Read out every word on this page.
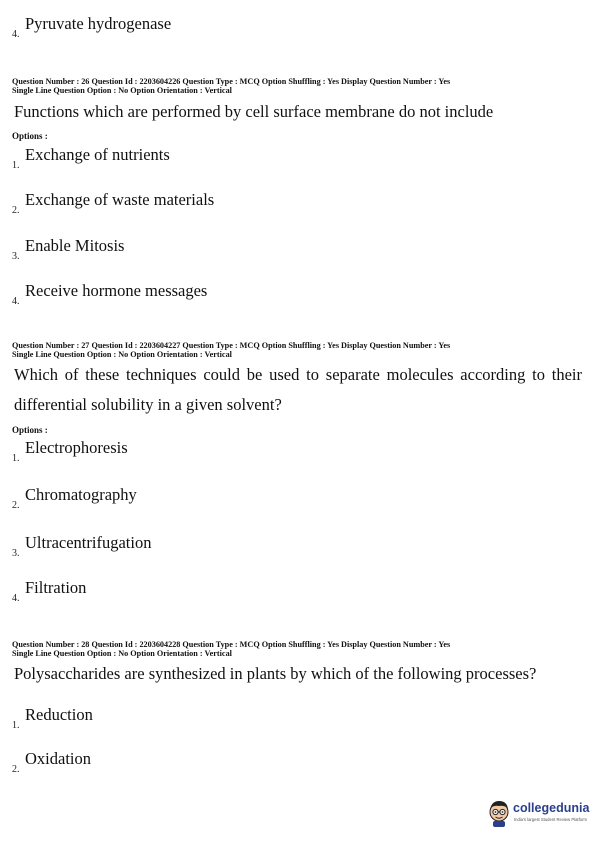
4.
Pyruvate hydrogenase
Question Number : 26 Question Id : 2203604226 Question Type : MCQ Option Shuffling : Yes Display Question Number : Yes
Single Line Question Option : No Option Orientation : Vertical
Functions which are performed by cell surface membrane do not include
Options :
1.
Exchange of nutrients
2.
Exchange of waste materials
3.
Enable Mitosis
4.
Receive hormone messages
Question Number : 27 Question Id : 2203604227 Question Type : MCQ Option Shuffling : Yes Display Question Number : Yes
Single Line Question Option : No Option Orientation : Vertical
Which of these techniques could be used to separate molecules according to their differential solubility in a given solvent?
Options :
1.
Electrophoresis
2.
Chromatography
3.
Ultracentrifugation
4.
Filtration
Question Number : 28 Question Id : 2203604228 Question Type : MCQ Option Shuffling : Yes Display Question Number : Yes
Single Line Question Option : No Option Orientation : Vertical
Polysaccharides are synthesized in plants by which of the following processes?
1.
Reduction
2.
Oxidation
collegedunia
India's largest Student Review Platform
